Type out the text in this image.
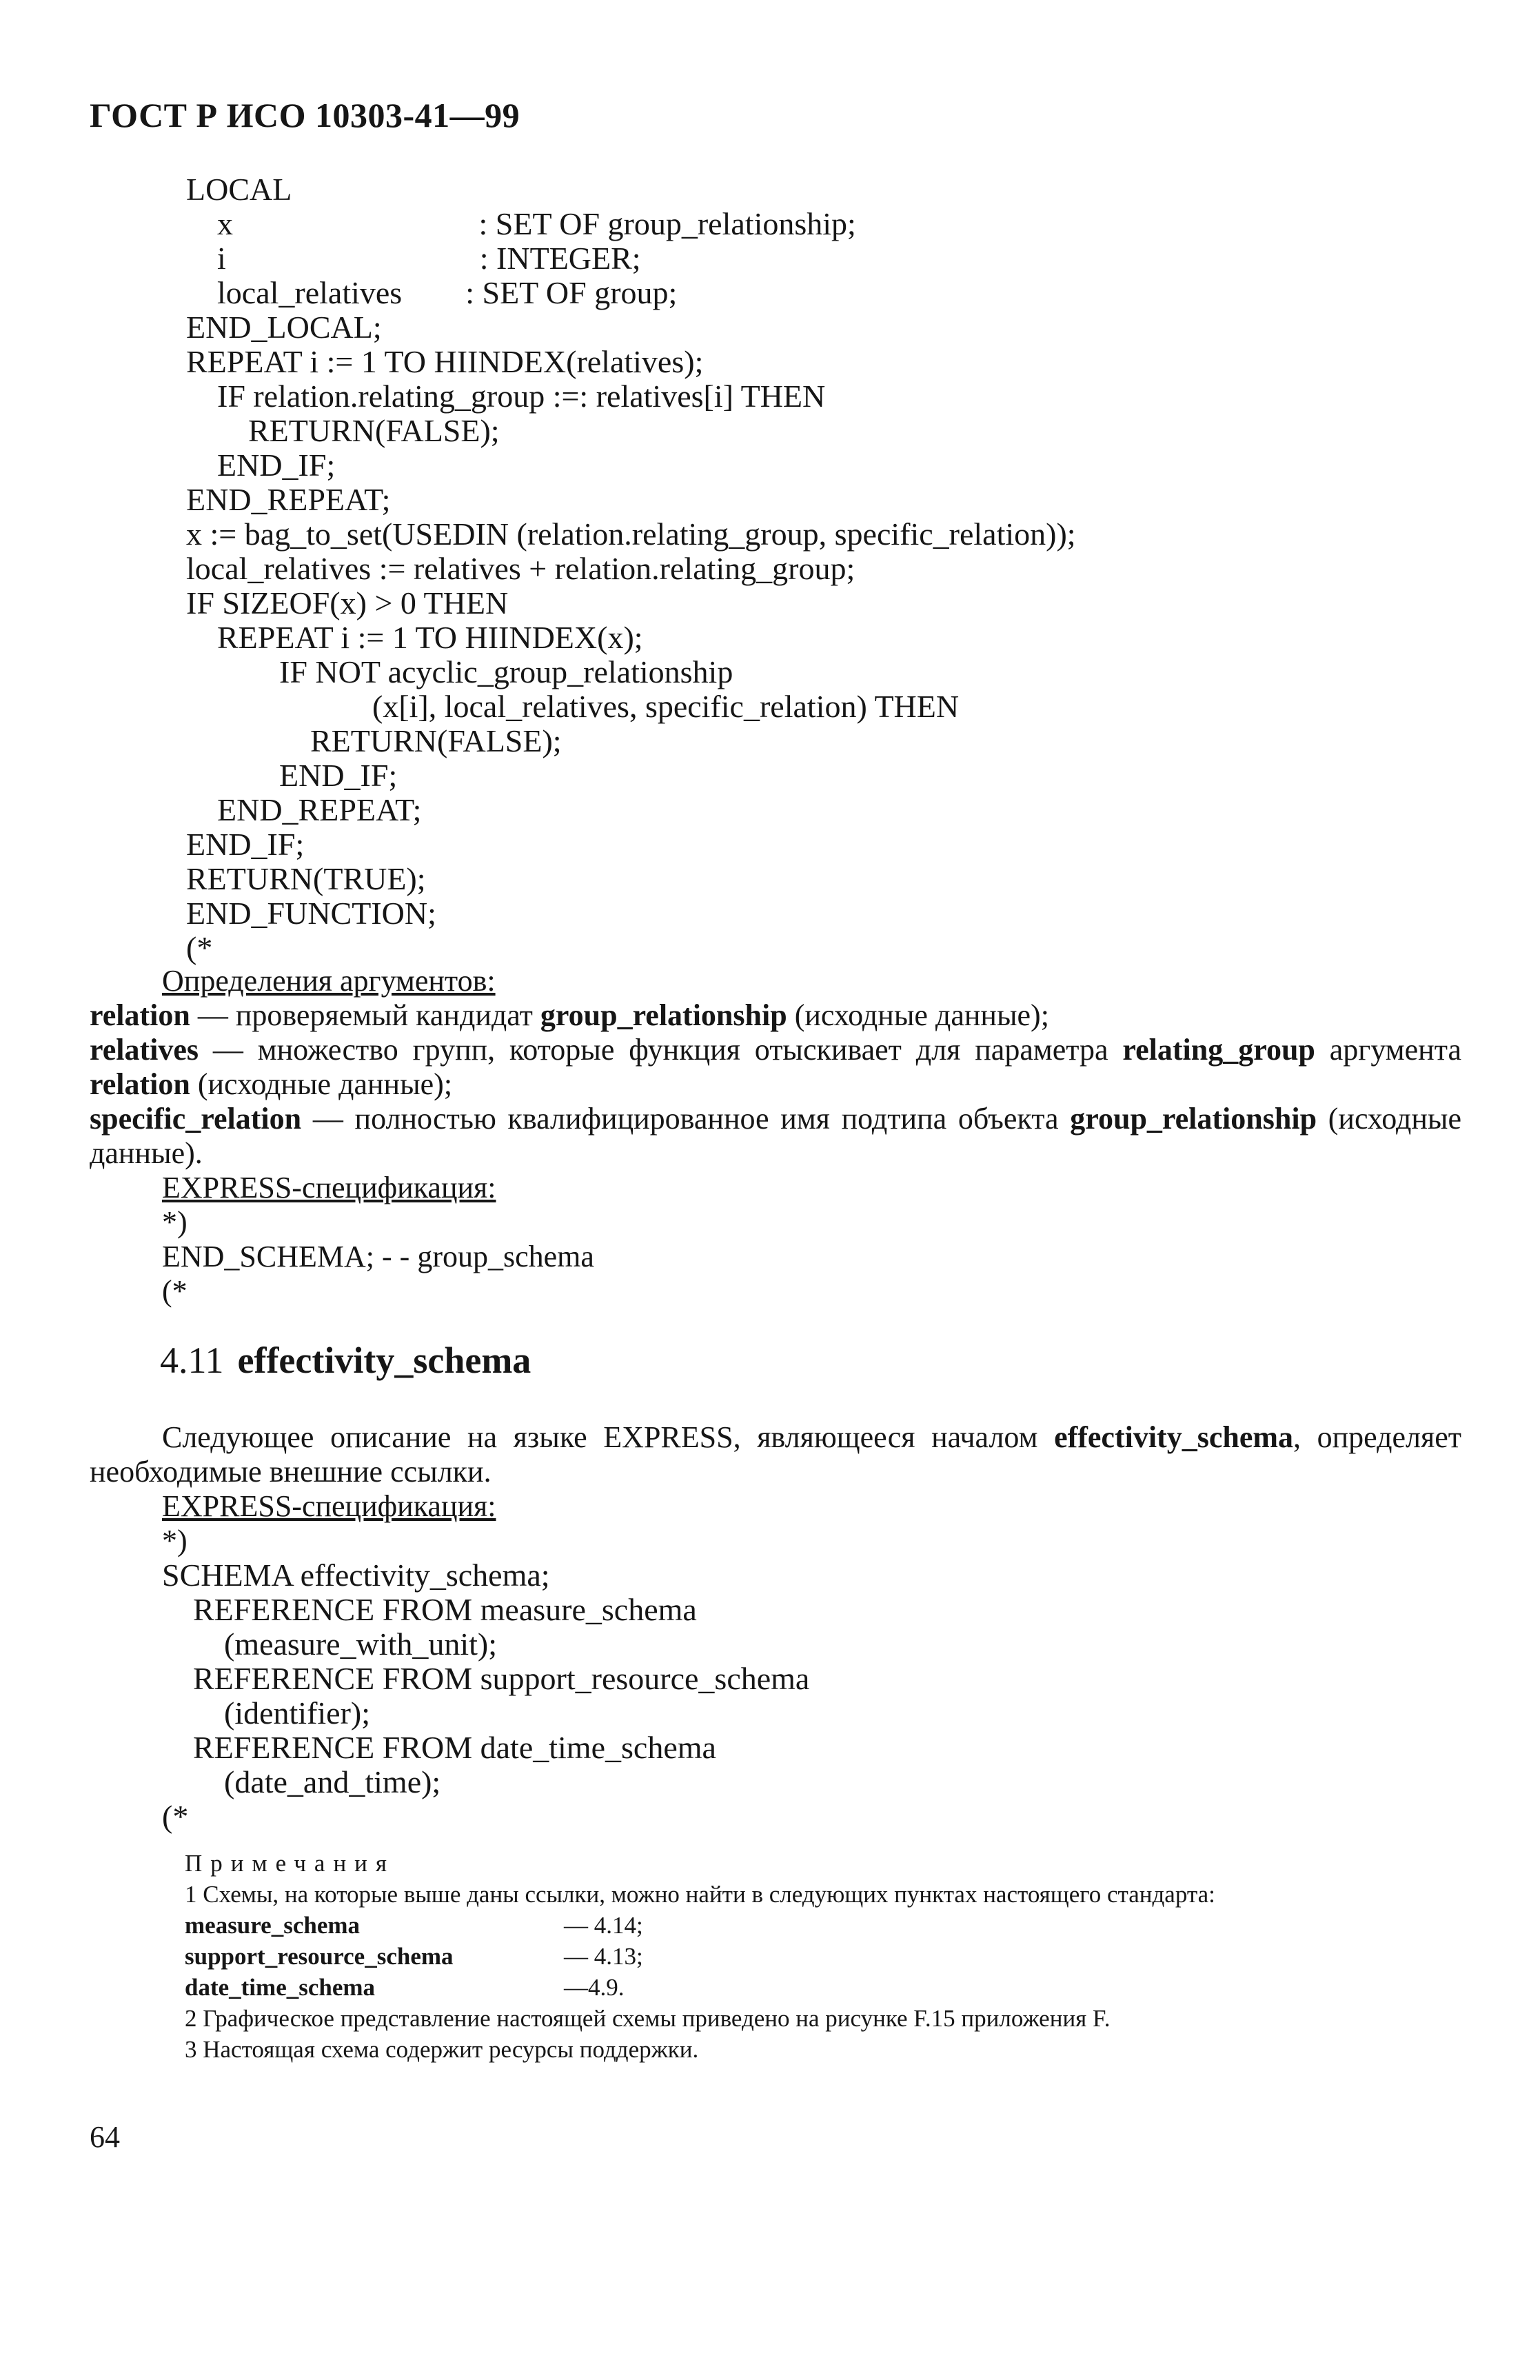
ГОСТ Р ИСО 10303-41—99
LOCAL
x                               : SET OF group_relationship;
i                                : INTEGER;
local_relatives        : SET OF group;
END_LOCAL;
REPEAT i := 1 TO HIINDEX(relatives);
IF relation.relating_group :=: relatives[i] THEN
RETURN(FALSE);
END_IF;
END_REPEAT;
x := bag_to_set(USEDIN (relation.relating_group, specific_relation));
local_relatives := relatives + relation.relating_group;
IF SIZEOF(x) > 0 THEN
REPEAT i := 1 TO HIINDEX(x);
IF NOT acyclic_group_relationship
(x[i], local_relatives, specific_relation) THEN
RETURN(FALSE);
END_IF;
END_REPEAT;
END_IF;
RETURN(TRUE);
END_FUNCTION;
(*
Определения аргументов:

relation — проверяемый кандидат group_relationship (исходные данные);

relatives — множество групп, которые функция отыскивает для параметра relating_group аргумента relation (исходные данные);

specific_relation — полностью квалифицированное имя подтипа объекта group_relationship (исходные данные).

EXPRESS-спецификация:
*)
END_SCHEMA; - - group_schema
(*
4.11 effectivity_schema

Следующее описание на языке EXPRESS, являющееся началом effectivity_schema, определяет необходимые внешние ссылки.

EXPRESS-спецификация:
*)
SCHEMA effectivity_schema;
REFERENCE FROM measure_schema
(measure_with_unit);
REFERENCE FROM support_resource_schema
(identifier);
REFERENCE FROM date_time_schema
(date_and_time);
(*
Примечания
1 Схемы, на которые выше даны ссылки, можно найти в следующих пунктах настоящего стандарта:
measure_schema	— 4.14;
support_resource_schema	— 4.13;
date_time_schema	—4.9.
2 Графическое представление настоящей схемы приведено на рисунке F.15 приложения F.
3 Настоящая схема содержит ресурсы поддержки.
64
